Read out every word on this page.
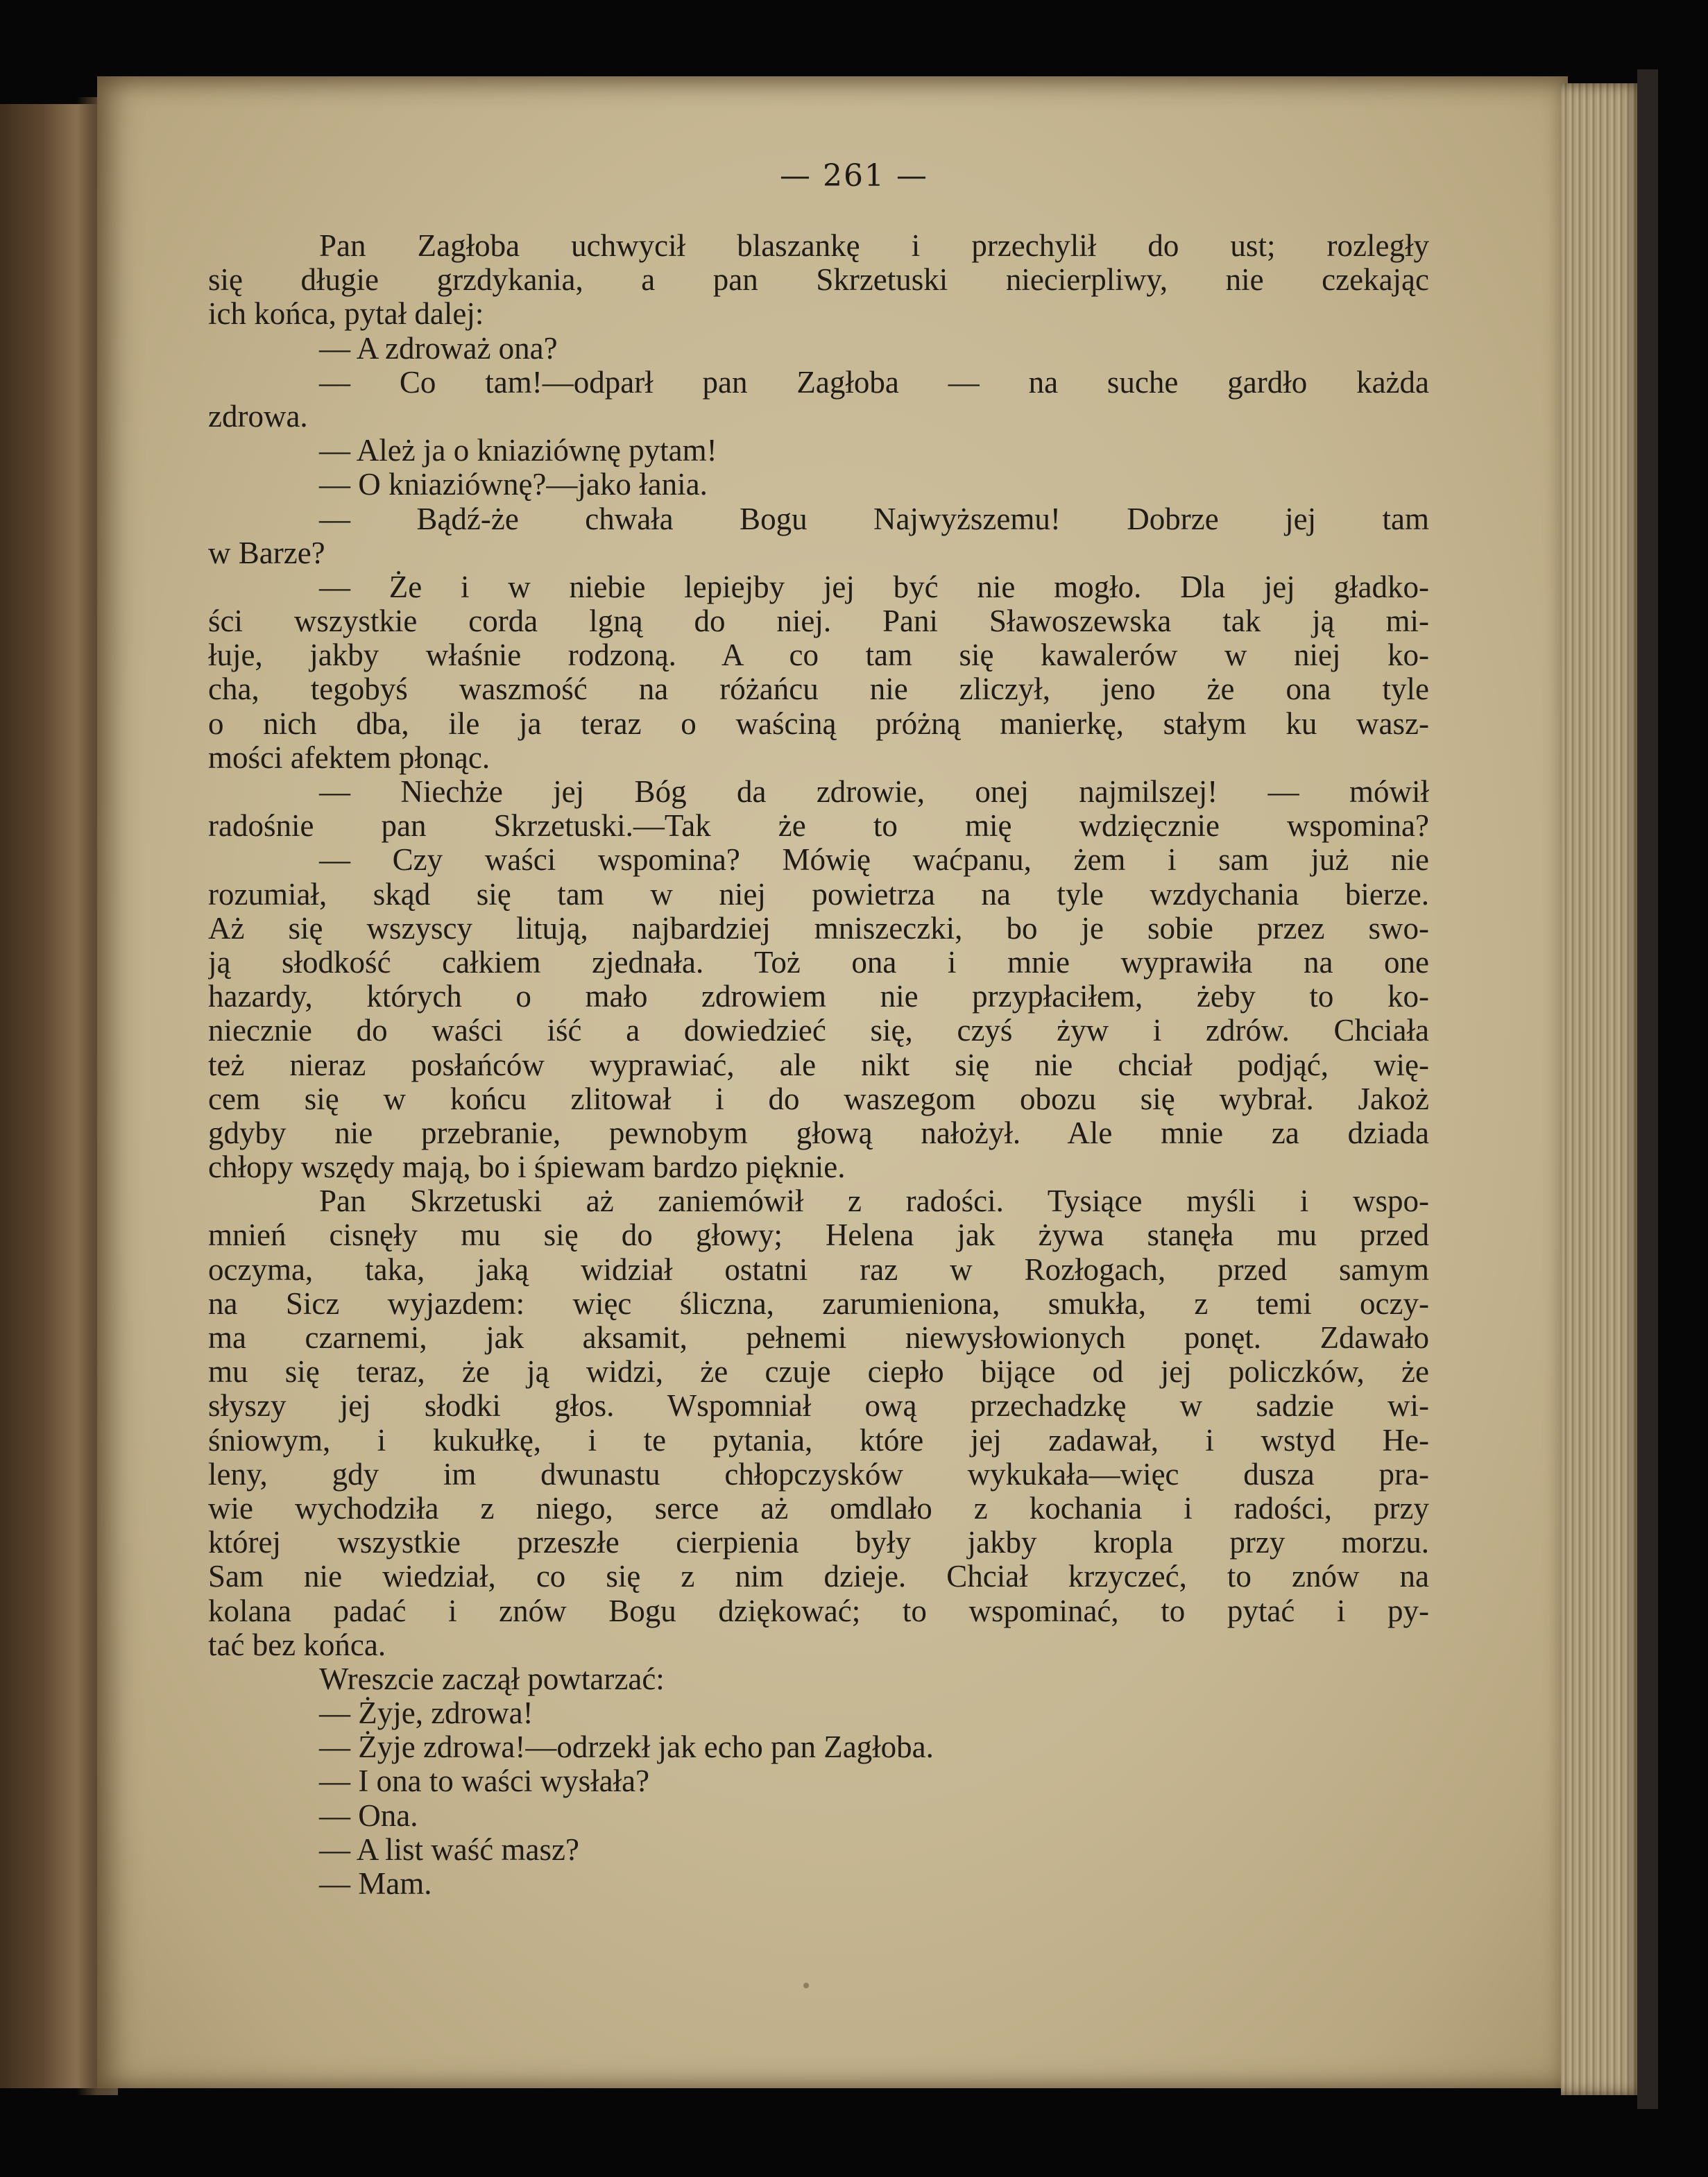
— 261 —
Pan Zagłoba uchwycił blaszankę i przechylił do ust; rozległy
się długie grzdykania, a pan Skrzetuski niecierpliwy, nie czekając
ich końca, pytał dalej:
— A zdroważ ona?
— Co tam!—odparł pan Zagłoba — na suche gardło każda
zdrowa.
— Ależ ja o kniaziównę pytam!
— O kniaziównę?—jako łania.
— Bądź-że chwała Bogu Najwyższemu! Dobrze jej tam
w Barze?
— Że i w niebie lepiejby jej być nie mogło. Dla jej gładko-
ści wszystkie corda lgną do niej. Pani Sławoszewska tak ją mi-
łuje, jakby właśnie rodzoną. A co tam się kawalerów w niej ko-
cha, tegobyś waszmość na różańcu nie zliczył, jeno że ona tyle
o nich dba, ile ja teraz o waściną próżną manierkę, stałym ku wasz-
mości afektem płonąc.
— Niechże jej Bóg da zdrowie, onej najmilszej! — mówił
radośnie pan Skrzetuski.—Tak że to mię wdzięcznie wspomina?
— Czy waści wspomina? Mówię waćpanu, żem i sam już nie
rozumiał, skąd się tam w niej powietrza na tyle wzdychania bierze.
Aż się wszyscy litują, najbardziej mniszeczki, bo je sobie przez swo-
ją słodkość całkiem zjednała. Toż ona i mnie wyprawiła na one
hazardy, których o mało zdrowiem nie przypłaciłem, żeby to ko-
niecznie do waści iść a dowiedzieć się, czyś żyw i zdrów. Chciała
też nieraz posłańców wyprawiać, ale nikt się nie chciał podjąć, wię-
cem się w końcu zlitował i do waszegom obozu się wybrał. Jakoż
gdyby nie przebranie, pewnobym głową nałożył. Ale mnie za dziada
chłopy wszędy mają, bo i śpiewam bardzo pięknie.
Pan Skrzetuski aż zaniemówił z radości. Tysiące myśli i wspo-
mnień cisnęły mu się do głowy; Helena jak żywa stanęła mu przed
oczyma, taka, jaką widział ostatni raz w Rozłogach, przed samym
na Sicz wyjazdem: więc śliczna, zarumieniona, smukła, z temi oczy-
ma czarnemi, jak aksamit, pełnemi niewysłowionych ponęt. Zdawało
mu się teraz, że ją widzi, że czuje ciepło bijące od jej policzków, że
słyszy jej słodki głos. Wspomniał ową przechadzkę w sadzie wi-
śniowym, i kukułkę, i te pytania, które jej zadawał, i wstyd He-
leny, gdy im dwunastu chłopczysków wykukała—więc dusza pra-
wie wychodziła z niego, serce aż omdlało z kochania i radości, przy
której wszystkie przeszłe cierpienia były jakby kropla przy morzu.
Sam nie wiedział, co się z nim dzieje. Chciał krzyczeć, to znów na
kolana padać i znów Bogu dziękować; to wspominać, to pytać i py-
tać bez końca.
Wreszcie zaczął powtarzać:
— Żyje, zdrowa!
— Żyje zdrowa!—odrzekł jak echo pan Zagłoba.
— I ona to waści wysłała?
— Ona.
— A list waść masz?
— Mam.
